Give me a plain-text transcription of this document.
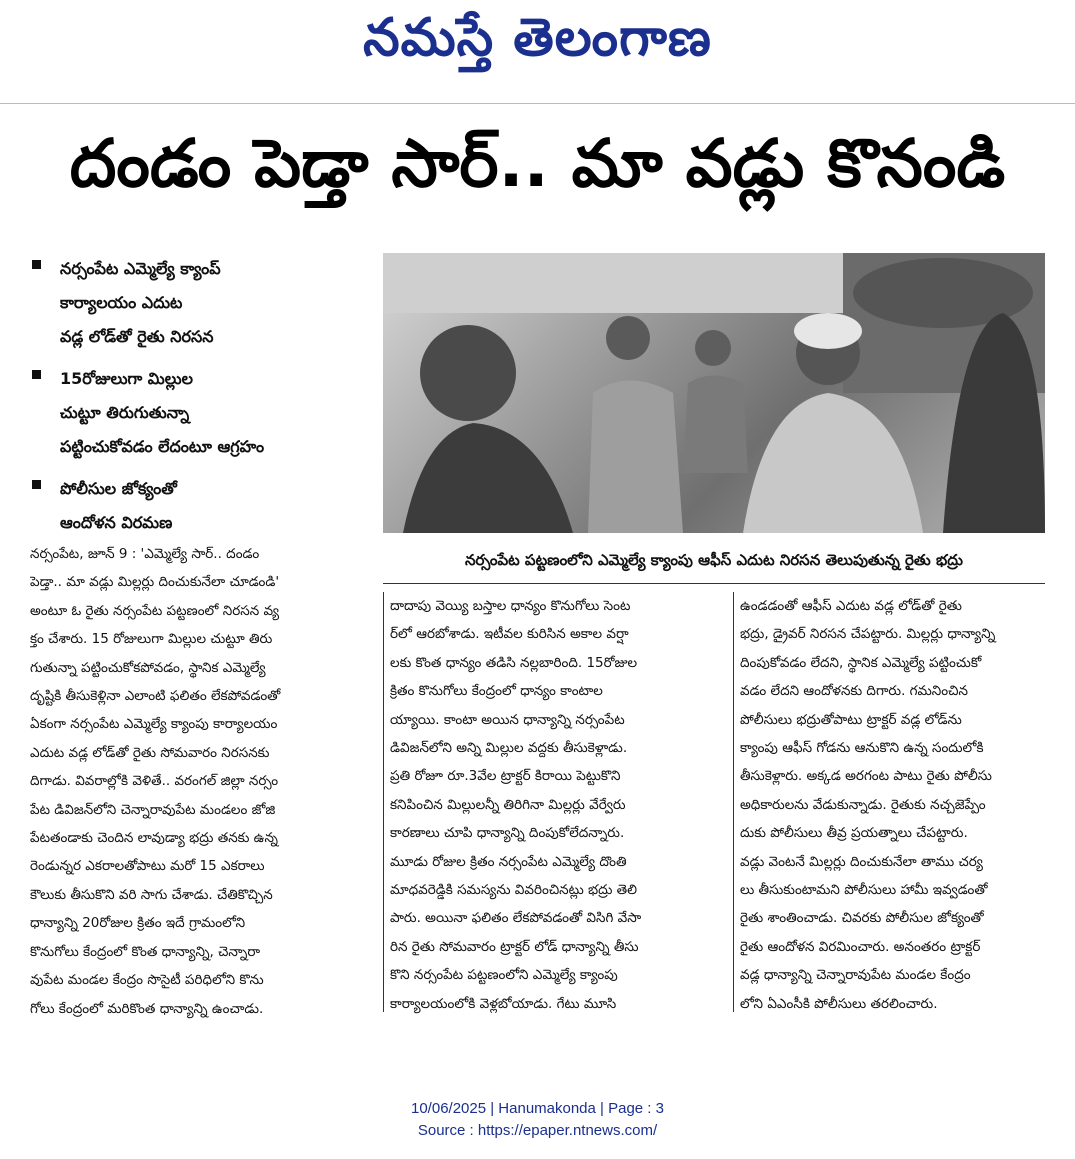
నమస్తే తెలంగాణ
దండం పెడ్తా సార్.. మా వడ్లు కొనండి
నర్సంపేట ఎమ్మెల్యే క్యాంప్
కార్యాలయం ఎదుట
వడ్ల లోడ్‌తో రైతు నిరసన
15రోజులుగా మిల్లుల
చుట్టూ తిరుగుతున్నా
పట్టించుకోవడం లేదంటూ ఆగ్రహం
పోలీసుల జోక్యంతో
ఆందోళన విరమణ
నర్సంపేట పట్టణంలోని ఎమ్మెల్యే క్యాంపు ఆఫీస్ ఎదుట నిరసన తెలుపుతున్న రైతు భద్రు
నర్సంపేట, జూన్ 9 : 'ఎమ్మెల్యే సార్.. దండం
పెడ్తా.. మా వడ్లు మిల్లర్లు దించుకునేలా చూడండి'
అంటూ ఓ రైతు నర్సంపేట పట్టణంలో నిరసన వ్య
క్తం చేశారు. 15 రోజులుగా మిల్లుల చుట్టూ తిరు
గుతున్నా పట్టించుకోకపోవడం, స్థానిక ఎమ్మెల్యే
దృష్టికి తీసుకెళ్లినా ఎలాంటి ఫలితం లేకపోవడంతో
ఏకంగా నర్సంపేట ఎమ్మెల్యే క్యాంపు కార్యాలయం
ఎదుట వడ్ల లోడ్‌తో రైతు సోమవారం నిరసనకు
దిగాడు. వివరాల్లోకి వెళితే.. వరంగల్ జిల్లా నర్సం
పేట డివిజన్‌లోని చెన్నారావుపేట మండలం జోజి
పేటతండాకు చెందిన లావుడ్యా భద్రు తనకు ఉన్న
రెండున్నర ఎకరాలతోపాటు మరో 15 ఎకరాలు
కౌలుకు తీసుకొని వరి సాగు చేశాడు. చేతికొచ్చిన
ధాన్యాన్ని 20రోజుల క్రితం ఇదే గ్రామంలోని
కొనుగోలు కేంద్రంలో కొంత ధాన్యాన్ని, చెన్నారా
వుపేట మండల కేంద్రం సొసైటీ పరిధిలోని కొను
గోలు కేంద్రంలో మరికొంత ధాన్యాన్ని ఉంచాడు.
దాదాపు వెయ్యి బస్తాల ధాన్యం కొనుగోలు సెంట
ర్‌లో ఆరబోశాడు. ఇటీవల కురిసిన అకాల వర్షా
లకు కొంత ధాన్యం తడిసి నల్లబారింది. 15రోజుల
క్రితం కొనుగోలు కేంద్రంలో ధాన్యం కాంటాల
య్యాయి. కాంటా అయిన ధాన్యాన్ని నర్సంపేట
డివిజన్‌లోని అన్ని మిల్లుల వద్దకు తీసుకెళ్లాడు.
ప్రతి రోజూ రూ.3వేల ట్రాక్టర్ కిరాయి పెట్టుకొని
కనిపించిన మిల్లులన్నీ తిరిగినా మిల్లర్లు వేర్వేరు
కారణాలు చూపి ధాన్యాన్ని దింపుకోలేదన్నారు.
మూడు రోజుల క్రితం నర్సంపేట ఎమ్మెల్యే దొంతి
మాధవరెడ్డికి సమస్యను వివరించినట్లు భద్రు తెలి
పారు. అయినా ఫలితం లేకపోవడంతో విసిగి వేసా
రిన రైతు సోమవారం ట్రాక్టర్ లోడ్ ధాన్యాన్ని తీసు
కొని నర్సంపేట పట్టణంలోని ఎమ్మెల్యే క్యాంపు
కార్యాలయంలోకి వెళ్లబోయాడు. గేటు మూసి
ఉండడంతో ఆఫీస్ ఎదుట వడ్ల లోడ్‌తో రైతు
భద్రు, డ్రైవర్ నిరసన చేపట్టారు. మిల్లర్లు ధాన్యాన్ని
దింపుకోవడం లేదని, స్థానిక ఎమ్మెల్యే పట్టించుకో
వడం లేదని ఆందోళనకు దిగారు. గమనించిన
పోలీసులు భద్రుతోపాటు ట్రాక్టర్ వడ్ల లోడ్‌ను
క్యాంపు ఆఫీస్ గోడను ఆనుకొని ఉన్న సందులోకి
తీసుకెళ్లారు. అక్కడ అరగంట పాటు రైతు పోలీసు
అధికారులను వేడుకున్నాడు. రైతుకు నచ్చజెప్పేం
దుకు పోలీసులు తీవ్ర ప్రయత్నాలు చేపట్టారు.
వడ్లు వెంటనే మిల్లర్లు దించుకునేలా తాము చర్య
లు తీసుకుంటామని పోలీసులు హామీ ఇవ్వడంతో
రైతు శాంతించాడు. చివరకు పోలీసుల జోక్యంతో
రైతు ఆందోళన విరమించారు. అనంతరం ట్రాక్టర్
వడ్ల ధాన్యాన్ని చెన్నారావుపేట మండల కేంద్రం
లోని ఏఎంసీకి పోలీసులు తరలించారు.
10/06/2025 | Hanumakonda | Page : 3
Source : https://epaper.ntnews.com/
